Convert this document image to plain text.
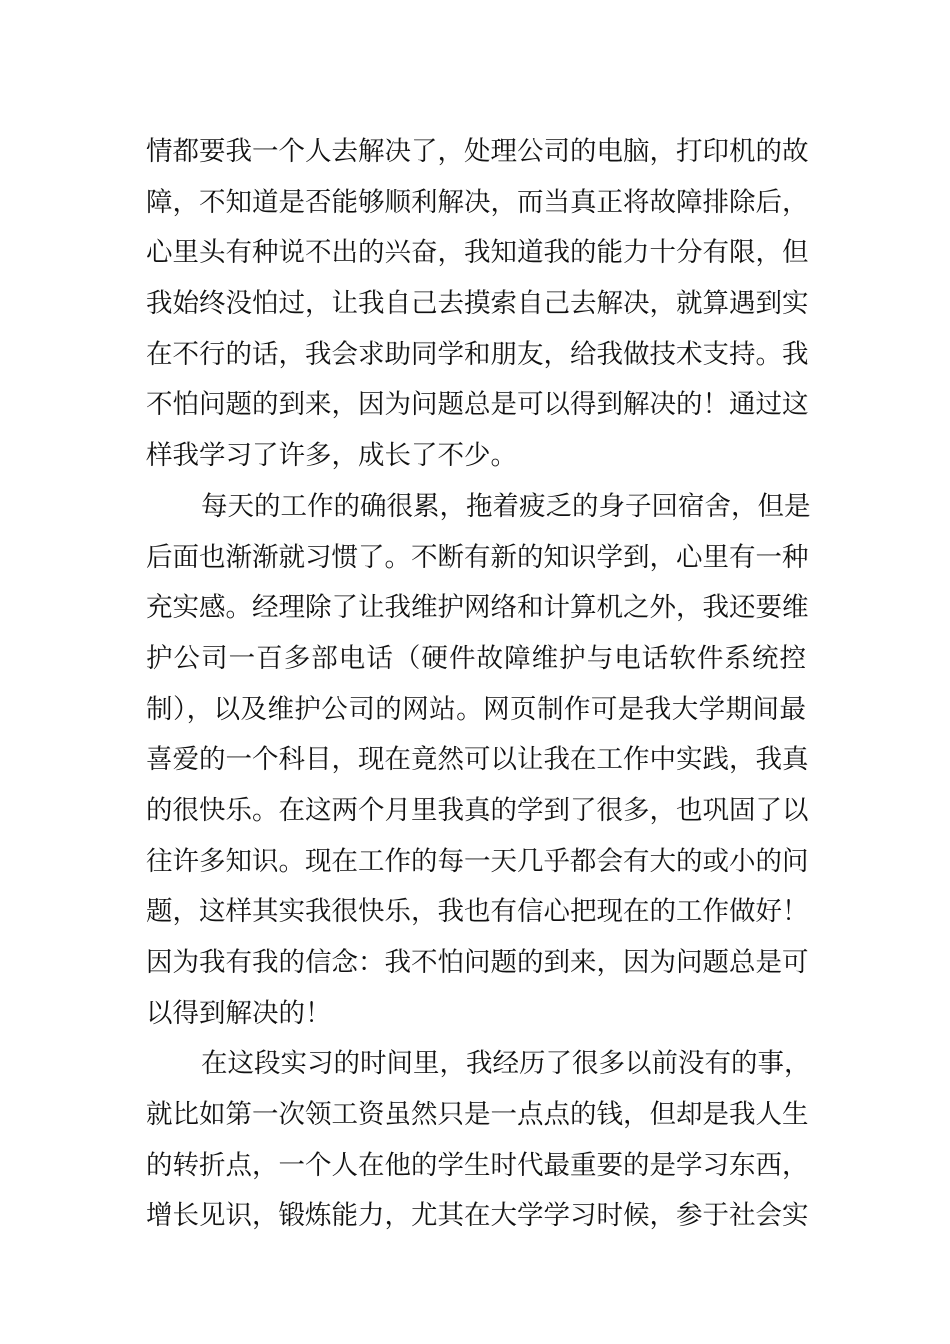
情都要我一个人去解决了，处理公司的电脑，打印机的故
障，不知道是否能够顺利解决，而当真正将故障排除后，
心里头有种说不出的兴奋，我知道我的能力十分有限，但
我始终没怕过，让我自己去摸索自己去解决，就算遇到实
在不行的话，我会求助同学和朋友，给我做技术支持。我
不怕问题的到来，因为问题总是可以得到解决的！通过这
样我学习了许多，成长了不少。
每天的工作的确很累，拖着疲乏的身子回宿舍，但是
后面也渐渐就习惯了。不断有新的知识学到，心里有一种
充实感。经理除了让我维护网络和计算机之外，我还要维
护公司一百多部电话（硬件故障维护与电话软件系统控
制），以及维护公司的网站。网页制作可是我大学期间最
喜爱的一个科目，现在竟然可以让我在工作中实践，我真
的很快乐。在这两个月里我真的学到了很多，也巩固了以
往许多知识。现在工作的每一天几乎都会有大的或小的问
题，这样其实我很快乐，我也有信心把现在的工作做好！
因为我有我的信念：我不怕问题的到来，因为问题总是可
以得到解决的！
在这段实习的时间里，我经历了很多以前没有的事，
就比如第一次领工资虽然只是一点点的钱，但却是我人生
的转折点，一个人在他的学生时代最重要的是学习东西，
增长见识，锻炼能力，尤其在大学学习时候，参于社会实
